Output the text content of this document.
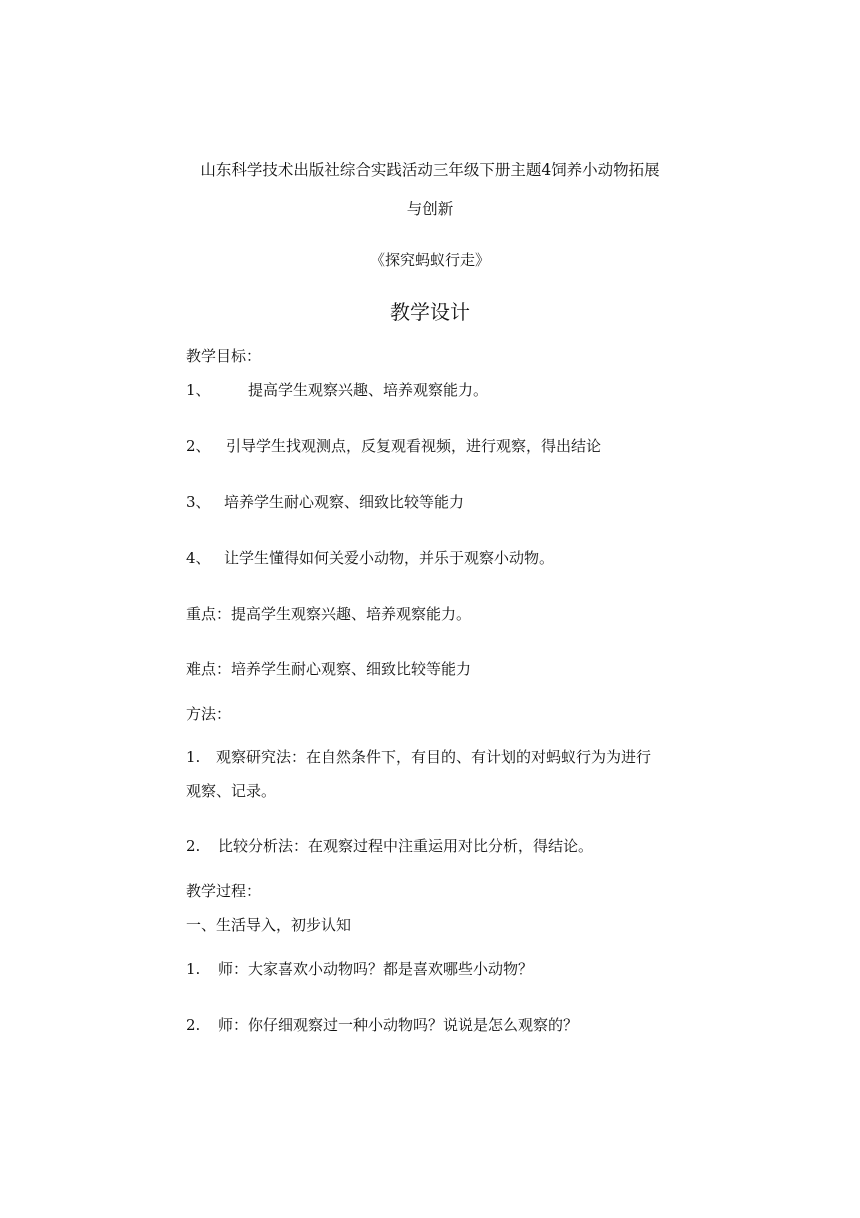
山东科学技术出版社综合实践活动三年级下册主题4饲养小动物拓展
与创新
《探究蚂蚁行走》
教学设计
教学目标：
1、 提高学生观察兴趣、培养观察能力。
2、 引导学生找观测点，反复观看视频，进行观察，得出结论
3、 培养学生耐心观察、细致比较等能力
4、 让学生懂得如何关爱小动物，并乐于观察小动物。
重点：提高学生观察兴趣、培养观察能力。
难点：培养学生耐心观察、细致比较等能力
方法：
1. 观察研究法：在自然条件下，有目的、有计划的对蚂蚁行为为进行
观察、记录。
2. 比较分析法：在观察过程中注重运用对比分析，得结论。
教学过程：
一、生活导入，初步认知
1. 师：大家喜欢小动物吗？都是喜欢哪些小动物？
2. 师：你仔细观察过一种小动物吗？说说是怎么观察的？
